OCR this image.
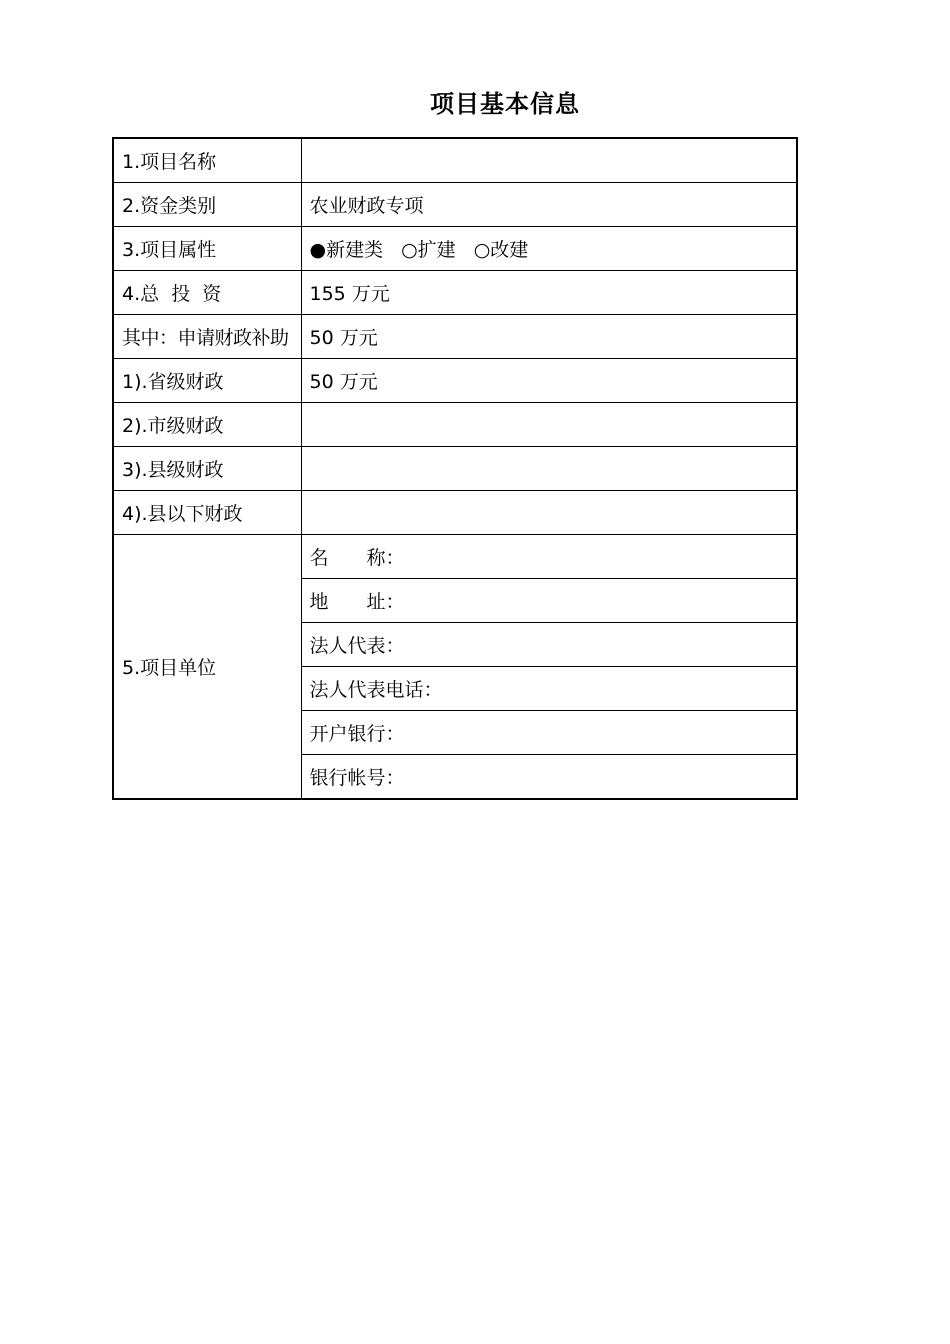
项目基本信息
1.项目名称	
2.资金类别	农业财政专项
3.项目属性	●新建类 ○扩建 ○改建
4.总  投  资	155 万元
其中：申请财政补助	50 万元
1).省级财政	50 万元
2).市级财政	
3).县级财政	
4).县以下财政	
5.项目单位	名　　称：
	地　　址：
	法人代表：
	法人代表电话：
	开户银行：
	银行帐号：
